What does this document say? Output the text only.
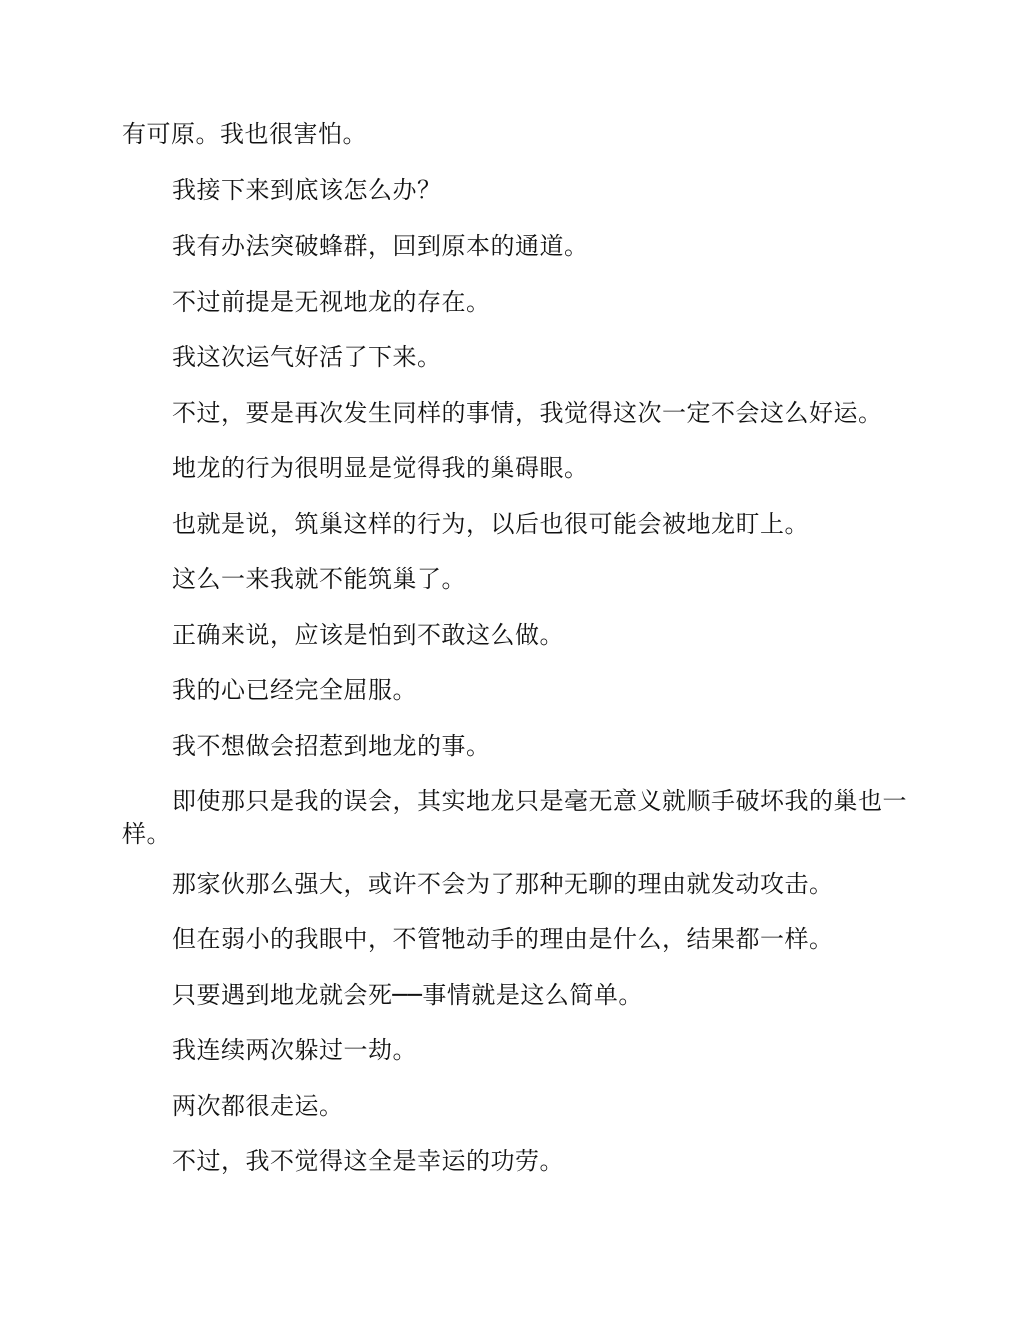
有可原。我也很害怕。

我接下来到底该怎么办？

我有办法突破蜂群，回到原本的通道。

不过前提是无视地龙的存在。

我这次运气好活了下来。

不过，要是再次发生同样的事情，我觉得这次一定不会这么好运。

地龙的行为很明显是觉得我的巢碍眼。

也就是说，筑巢这样的行为，以后也很可能会被地龙盯上。

这么一来我就不能筑巢了。

正确来说，应该是怕到不敢这么做。

我的心已经完全屈服。

我不想做会招惹到地龙的事。

即使那只是我的误会，其实地龙只是毫无意义就顺手破坏我的巢也一样。

那家伙那么强大，或许不会为了那种无聊的理由就发动攻击。

但在弱小的我眼中，不管牠动手的理由是什么，结果都一样。

只要遇到地龙就会死──事情就是这么简单。

我连续两次躲过一劫。

两次都很走运。

不过，我不觉得这全是幸运的功劳。
